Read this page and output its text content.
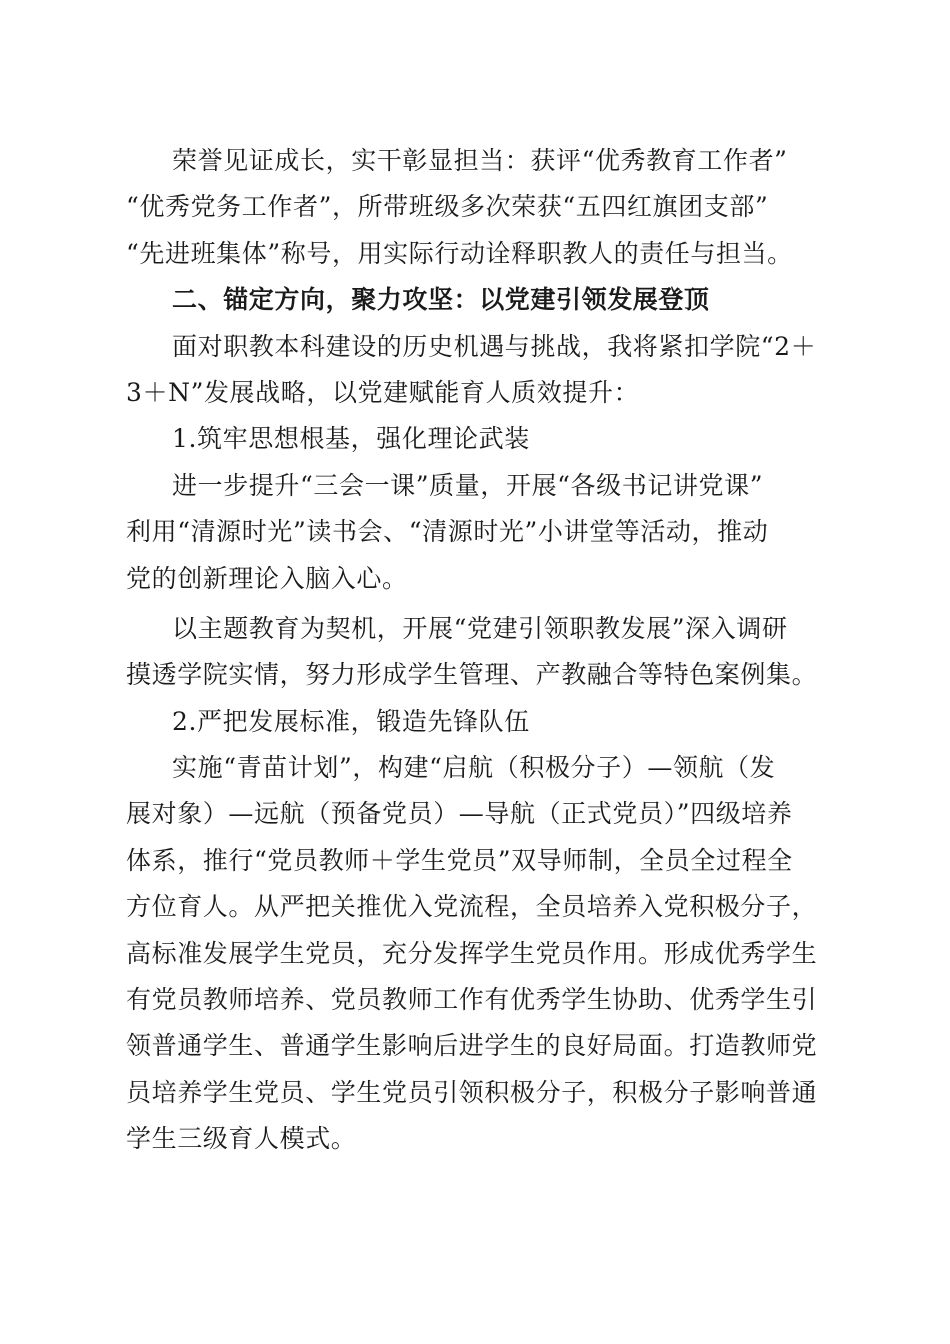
荣誉见证成长，实干彰显担当：获评“优秀教育工作者”
“优秀党务工作者”，所带班级多次荣获“五四红旗团支部”
“先进班集体”称号，用实际行动诠释职教人的责任与担当。
二、锚定方向，聚力攻坚：以党建引领发展登顶
面对职教本科建设的历史机遇与挑战，我将紧扣学院“2＋
3＋N”发展战略，以党建赋能育人质效提升：
1.筑牢思想根基，强化理论武装
进一步提升“三会一课”质量，开展“各级书记讲党课”
利用“清源时光”读书会、“清源时光”小讲堂等活动，推动
党的创新理论入脑入心。
以主题教育为契机，开展“党建引领职教发展”深入调研
摸透学院实情，努力形成学生管理、产教融合等特色案例集。
2.严把发展标准，锻造先锋队伍
实施“青苗计划”，构建“启航（积极分子）—领航（发
展对象）—远航（预备党员）—导航（正式党员）”四级培养
体系，推行“党员教师＋学生党员”双导师制，全员全过程全
方位育人。从严把关推优入党流程，全员培养入党积极分子，
高标准发展学生党员，充分发挥学生党员作用。形成优秀学生
有党员教师培养、党员教师工作有优秀学生协助、优秀学生引
领普通学生、普通学生影响后进学生的良好局面。打造教师党
员培养学生党员、学生党员引领积极分子，积极分子影响普通
学生三级育人模式。
